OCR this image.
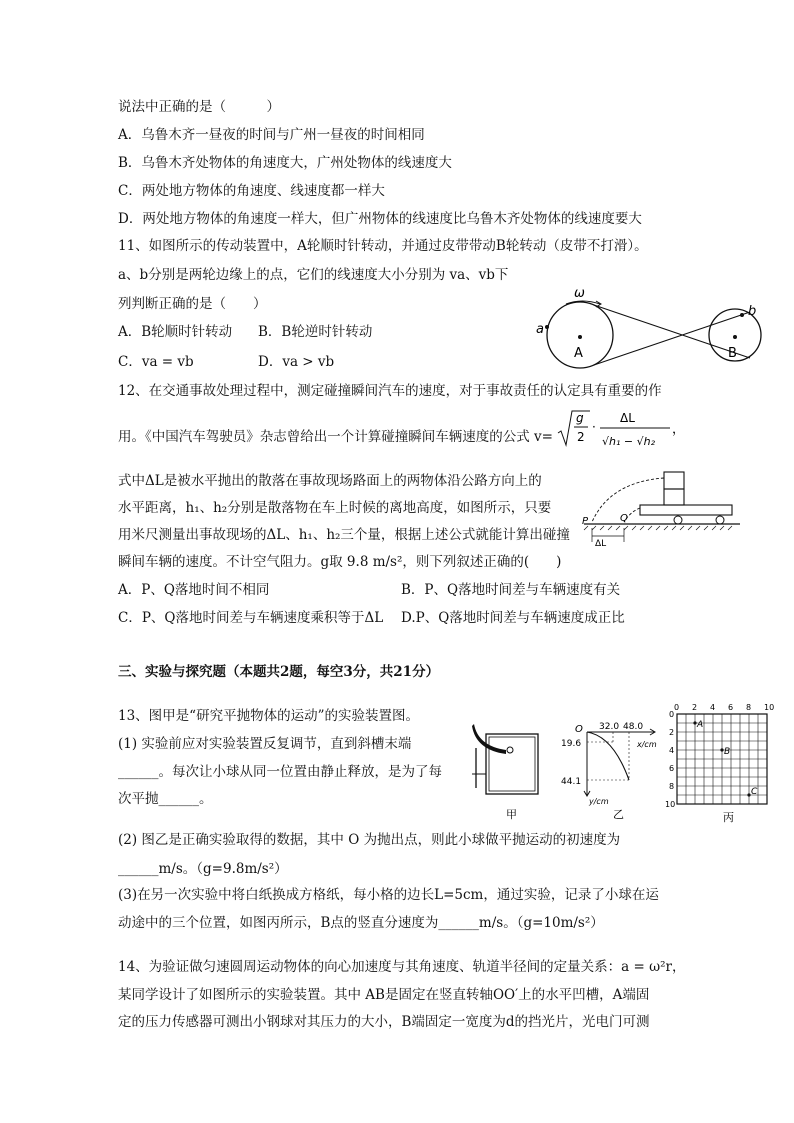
说法中正确的是（　　　）
A．乌鲁木齐一昼夜的时间与广州一昼夜的时间相同
B．乌鲁木齐处物体的角速度大，广州处物体的线速度大
C．两处地方物体的角速度、线速度都一样大
D．两处地方物体的角速度一样大，但广州物体的线速度比乌鲁木齐处物体的线速度要大
11、如图所示的传动装置中，A轮顺时针转动，并通过皮带带动B轮转动（皮带不打滑）。
a、b分别是两轮边缘上的点，它们的线速度大小分别为 va、vb下
列判断正确的是（　　）
A．B轮顺时针转动 B．B轮逆时针转动
C．va = vb	D．va > vb
ω
a
b
A	B
12、在交通事故处理过程中，测定碰撞瞬间汽车的速度，对于事故责任的认定具有重要的作
用。《中国汽车驾驶员》杂志曾给出一个计算碰撞瞬间车辆速度的公式 v=
g
2
·
ΔL
√h₁ − √h₂
，
式中ΔL是被水平抛出的散落在事故现场路面上的两物体沿公路方向上的
水平距离，h₁、h₂分别是散落物在车上时候的离地高度，如图所示，只要
用米尺测量出事故现场的ΔL、h₁、h₂三个量，根据上述公式就能计算出碰撞
瞬间车辆的速度。不计空气阻力。g取 9.8 m/s²，则下列叙述正确的(　　)
A．P、Q落地时间不相同	B．P、Q落地时间差与车辆速度有关
C．P、Q落地时间差与车辆速度乘积等于ΔL D.P、Q落地时间差与车辆速度成正比
P	Q
ΔL
三、实验与探究题（本题共2题，每空3分，共21分）
13、图甲是“研究平抛物体的运动”的实验装置图。
(1) 实验前应对实验装置反复调节，直到斜槽末端
______。每次让小球从同一位置由静止释放，是为了每
次平抛______。
甲
O 32.0 48.0
x/cm
19.6
44.1
y/cm
乙
0 2 4 6 8 10
0
2
4
6
8
10
A
B
C
丙
(2) 图乙是正确实验取得的数据，其中 O 为抛出点，则此小球做平抛运动的初速度为
______m/s。（g=9.8m/s²）
(3)在另一次实验中将白纸换成方格纸，每小格的边长L=5cm，通过实验，记录了小球在运
动途中的三个位置，如图丙所示，B点的竖直分速度为______m/s。（g=10m/s²）
14、为验证做匀速圆周运动物体的向心加速度与其角速度、轨道半径间的定量关系：a = ω²r，
某同学设计了如图所示的实验装置。其中 AB是固定在竖直转轴OO′上的水平凹槽，A端固
定的压力传感器可测出小钢球对其压力的大小，B端固定一宽度为d的挡光片，光电门可测
